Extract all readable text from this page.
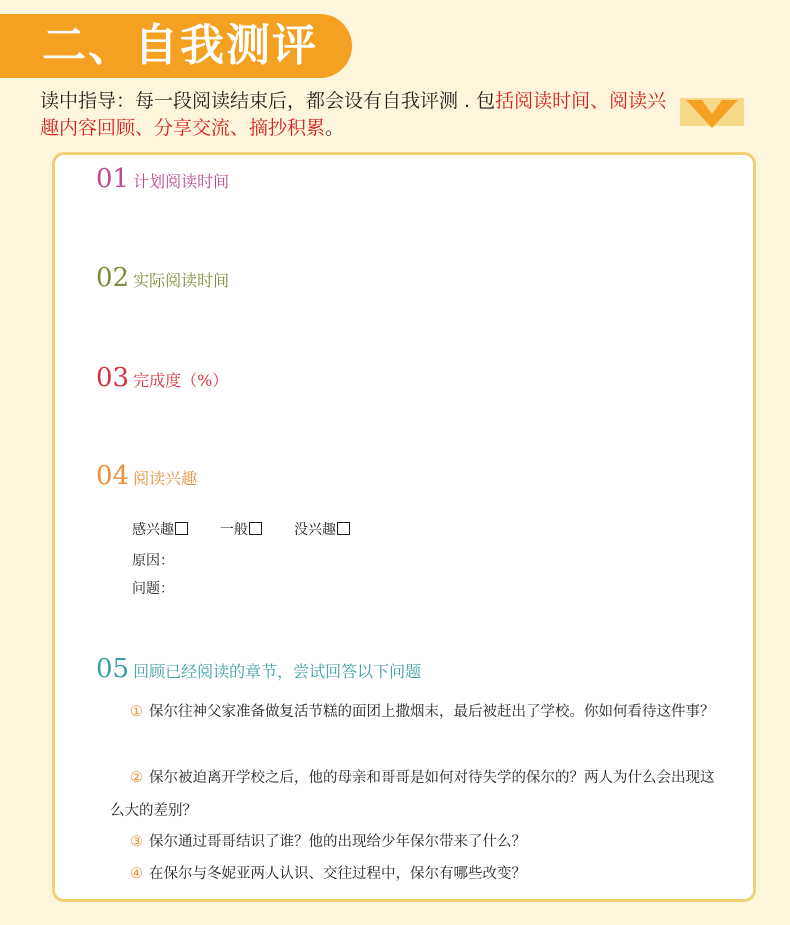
二、自我测评
读中指导：每一段阅读结束后，都会设有自我评测 . 包括阅读时间、阅读兴趣内容回顾、分享交流、摘抄积累。
01 计划阅读时间
02 实际阅读时间
03 完成度（%）
04 阅读兴趣
感兴趣	一般	没兴趣
原因：
问题：
05 回顾已经阅读的章节，尝试回答以下问题
① 保尔往神父家准备做复活节糕的面团上撒烟末，最后被赶出了学校。你如何看待这件事？
② 保尔被迫离开学校之后，他的母亲和哥哥是如何对待失学的保尔的？两人为什么会出现这么大的差别？
③ 保尔通过哥哥结识了谁？他的出现给少年保尔带来了什么？
④ 在保尔与冬妮亚两人认识、交往过程中，保尔有哪些改变？
